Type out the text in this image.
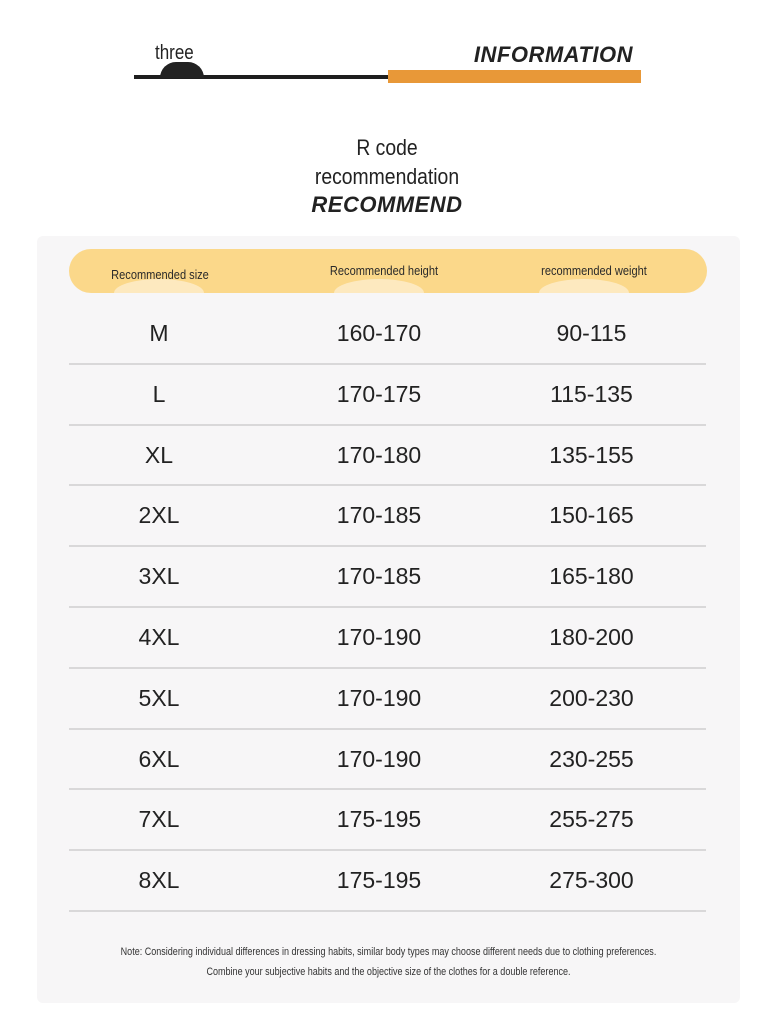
three	INFORMATION
R code
recommendation
RECOMMEND
Recommended size	Recommended height	recommended weight
M	160-170	90-115
L	170-175	115-135
XL	170-180	135-155
2XL	170-185	150-165
3XL	170-185	165-180
4XL	170-190	180-200
5XL	170-190	200-230
6XL	170-190	230-255
7XL	175-195	255-275
8XL	175-195	275-300
Note: Considering individual differences in dressing habits, similar body types may choose different needs due to clothing preferences.
Combine your subjective habits and the objective size of the clothes for a double reference.
